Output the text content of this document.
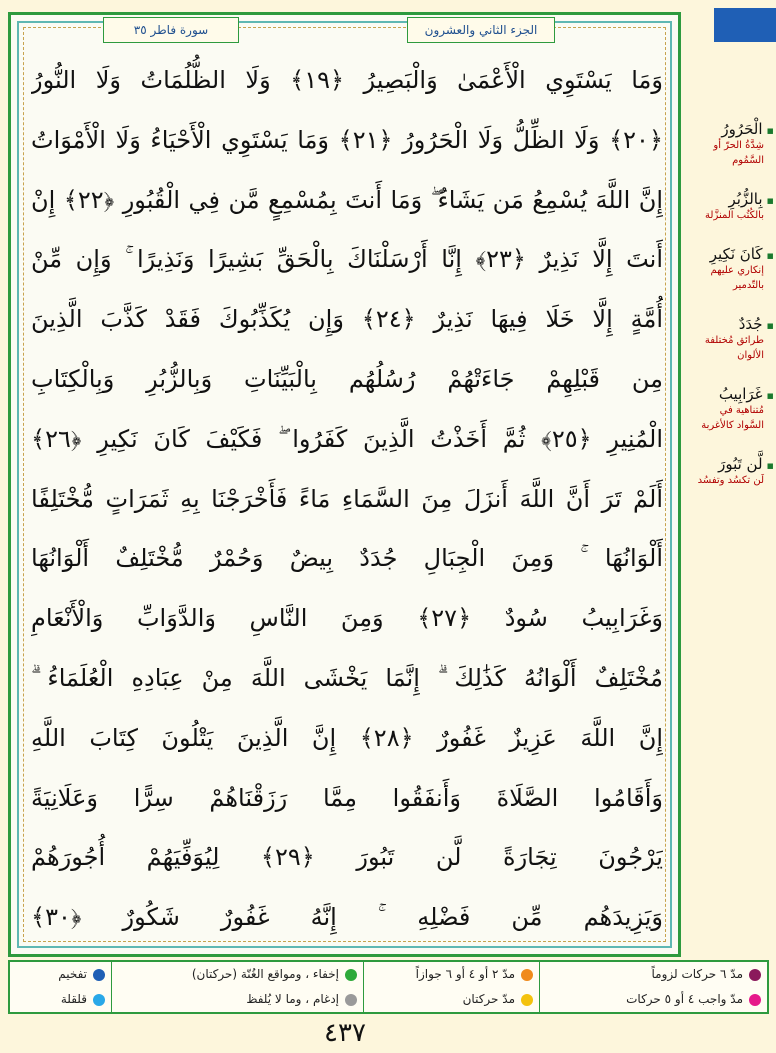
الجزء الثاني والعشرون
سورة فاطر ٣٥
وَمَا يَسْتَوِي الْأَعْمَىٰ وَالْبَصِيرُ ﴿١٩﴾ وَلَا الظُّلُمَاتُ وَلَا النُّورُ
﴿٢٠﴾ وَلَا الظِّلُّ وَلَا الْحَرُورُ ﴿٢١﴾ وَمَا يَسْتَوِي الْأَحْيَاءُ وَلَا الْأَمْوَاتُ
إِنَّ اللَّهَ يُسْمِعُ مَن يَشَاءُ ۖ وَمَا أَنتَ بِمُسْمِعٍ مَّن فِي الْقُبُورِ ﴿٢٢﴾ إِنْ
أَنتَ إِلَّا نَذِيرٌ ﴿٢٣﴾ إِنَّا أَرْسَلْنَاكَ بِالْحَقِّ بَشِيرًا وَنَذِيرًا ۚ وَإِن مِّنْ
أُمَّةٍ إِلَّا خَلَا فِيهَا نَذِيرٌ ﴿٢٤﴾ وَإِن يُكَذِّبُوكَ فَقَدْ كَذَّبَ الَّذِينَ
مِن قَبْلِهِمْ جَاءَتْهُمْ رُسُلُهُم بِالْبَيِّنَاتِ وَبِالزُّبُرِ وَبِالْكِتَابِ
الْمُنِيرِ ﴿٢٥﴾ ثُمَّ أَخَذْتُ الَّذِينَ كَفَرُوا ۖ فَكَيْفَ كَانَ نَكِيرِ ﴿٢٦﴾
أَلَمْ تَرَ أَنَّ اللَّهَ أَنزَلَ مِنَ السَّمَاءِ مَاءً فَأَخْرَجْنَا بِهِ ثَمَرَاتٍ مُّخْتَلِفًا
أَلْوَانُهَا ۚ وَمِنَ الْجِبَالِ جُدَدٌ بِيضٌ وَحُمْرٌ مُّخْتَلِفٌ أَلْوَانُهَا
وَغَرَابِيبُ سُودٌ ﴿٢٧﴾ وَمِنَ النَّاسِ وَالدَّوَابِّ وَالْأَنْعَامِ
مُخْتَلِفٌ أَلْوَانُهُ كَذَٰلِكَ ۗ إِنَّمَا يَخْشَى اللَّهَ مِنْ عِبَادِهِ الْعُلَمَاءُ ۗ
إِنَّ اللَّهَ عَزِيزٌ غَفُورٌ ﴿٢٨﴾ إِنَّ الَّذِينَ يَتْلُونَ كِتَابَ اللَّهِ
وَأَقَامُوا الصَّلَاةَ وَأَنفَقُوا مِمَّا رَزَقْنَاهُمْ سِرًّا وَعَلَانِيَةً
يَرْجُونَ تِجَارَةً لَّن تَبُورَ ﴿٢٩﴾ لِيُوَفِّيَهُمْ أُجُورَهُمْ
وَيَزِيدَهُم مِّن فَضْلِهِ ۚ إِنَّهُ غَفُورٌ شَكُورٌ ﴿٣٠﴾
▪ الْحَرُورُ
شِدَّةُ الحرّ أو السَّمُوم
▪ بِالزُّبُرِ
بالكُتُب المنزَّلة
▪ كَانَ نَكِيرِ
إنكاري عليهم بالتّدمير
▪ جُدَدٌ
طرائق مُختلفة الألوان
▪ غَرَابِيبُ
مُتناهية في السَّواد كالأغربة
▪ لَّن تَبُورَ
لَن تكسُد وتفسُد
مدّ ٦ حركات لزوماً
مدّ واجب ٤ أو ٥ حركات
مدّ ٢ أو ٤ أو ٦ جوازاً
مدّ حركتان
إخفاء ، ومواقع الغُنّة (حركتان)
إدغام ، وما لا يُلفظ
تفخيم
قلقلة
٤٣٧
